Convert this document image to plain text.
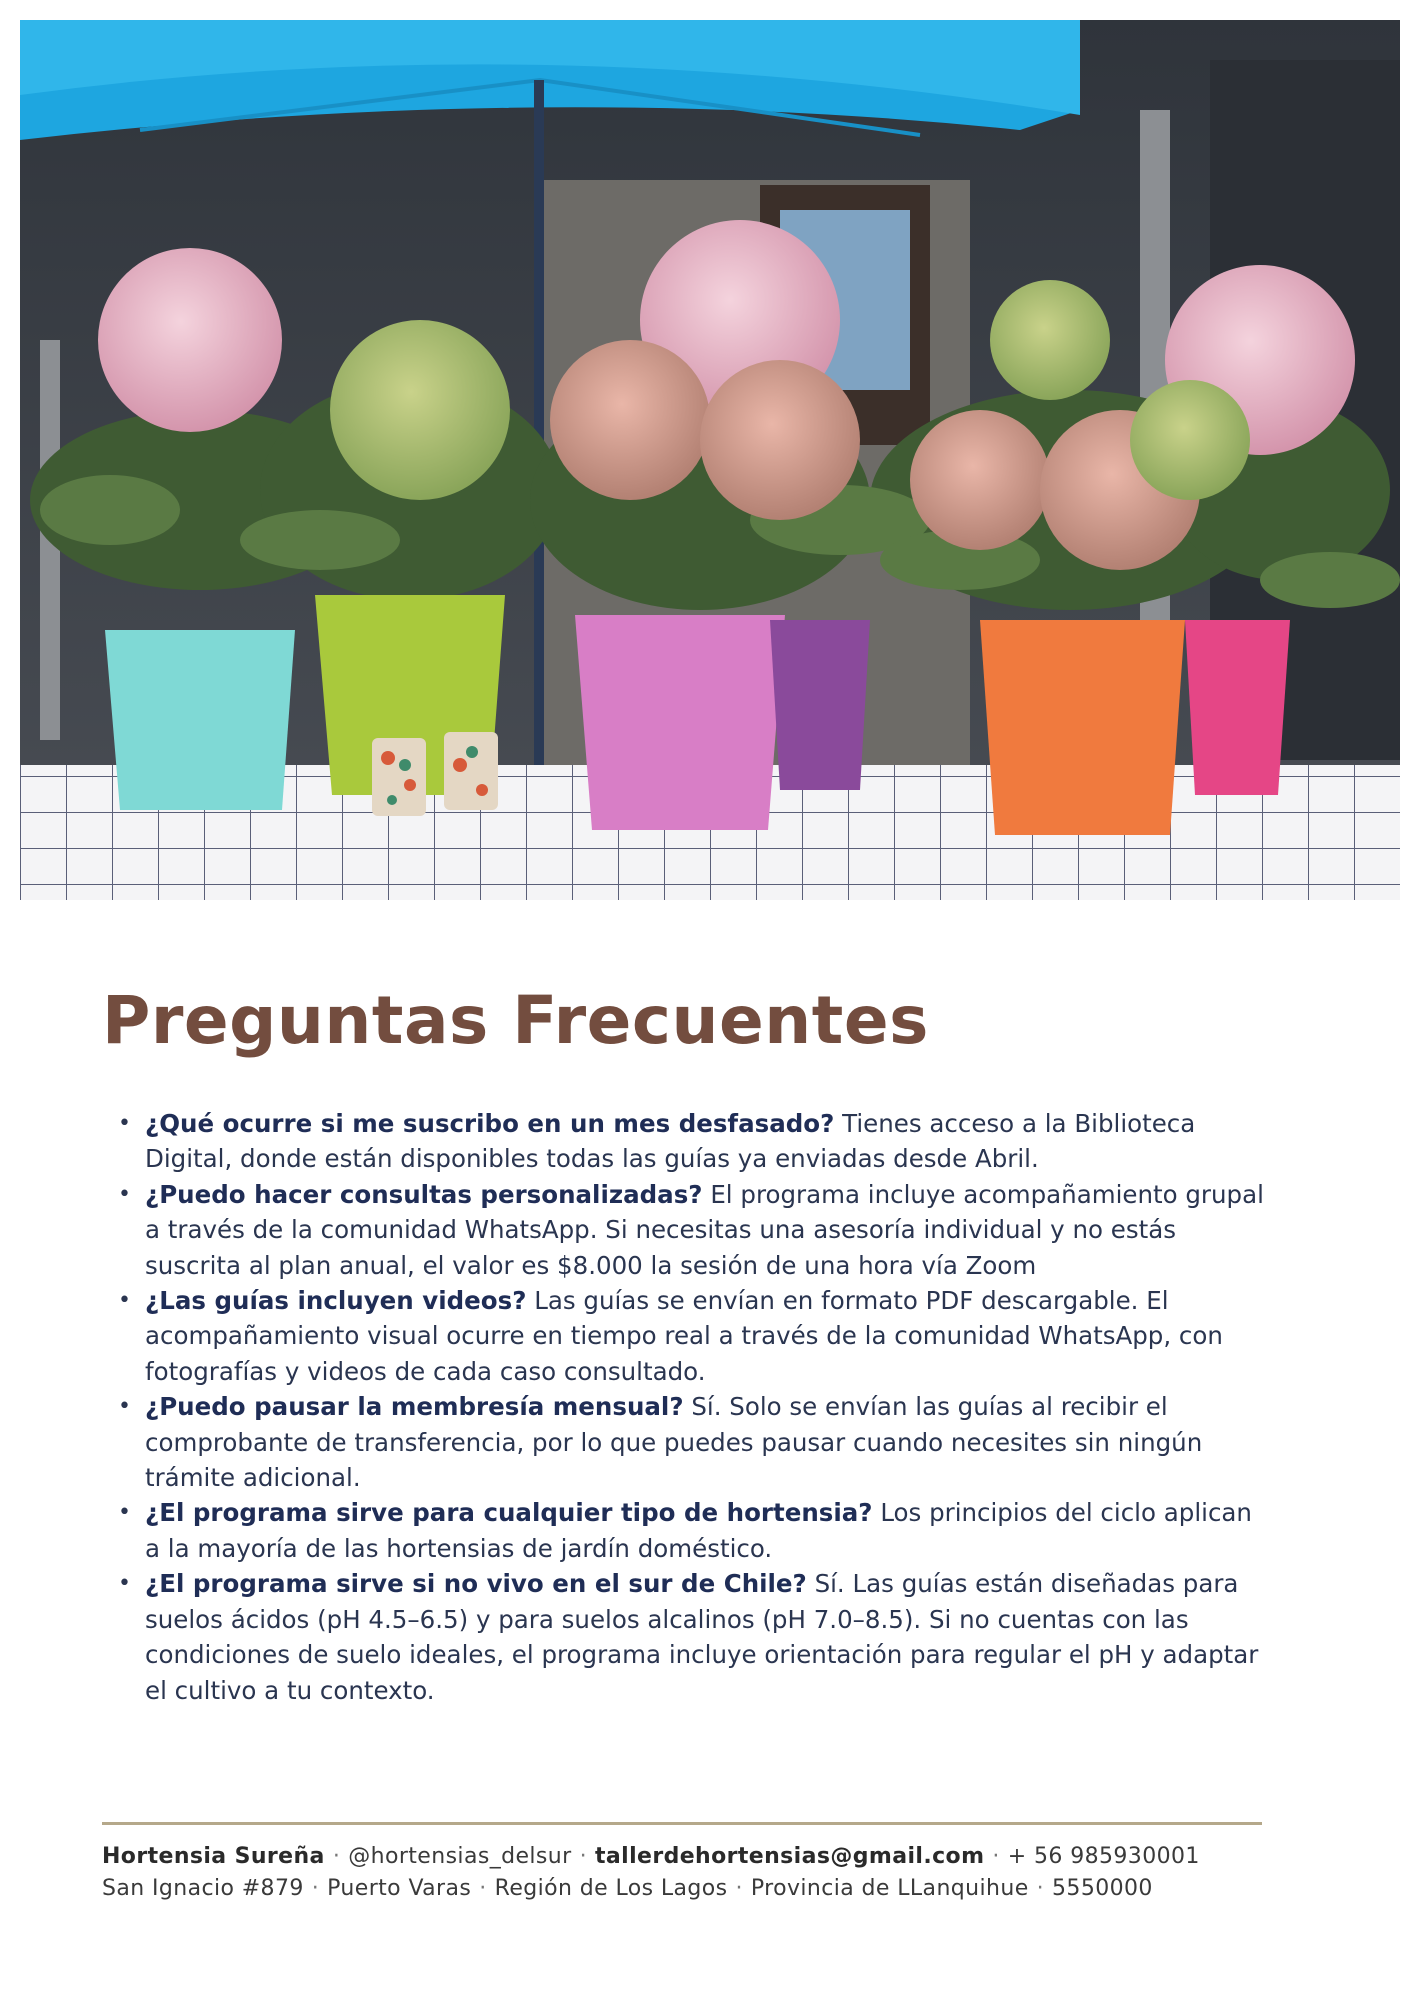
Preguntas Frecuentes
• ¿Qué ocurre si me suscribo en un mes desfasado? Tienes acceso a la Biblioteca Digital, donde están disponibles todas las guías ya enviadas desde Abril.
• ¿Puedo hacer consultas personalizadas? El programa incluye acompañamiento grupal a través de la comunidad WhatsApp. Si necesitas una asesoría individual y no estás suscrita al plan anual, el valor es $8.000 la sesión de una hora vía Zoom
• ¿Las guías incluyen videos? Las guías se envían en formato PDF descargable. El acompañamiento visual ocurre en tiempo real a través de la comunidad WhatsApp, con fotografías y videos de cada caso consultado.
• ¿Puedo pausar la membresía mensual? Sí. Solo se envían las guías al recibir el comprobante de transferencia, por lo que puedes pausar cuando necesites sin ningún trámite adicional.
• ¿El programa sirve para cualquier tipo de hortensia? Los principios del ciclo aplican a la mayoría de las hortensias de jardín doméstico.
• ¿El programa sirve si no vivo en el sur de Chile? Sí. Las guías están diseñadas para suelos ácidos (pH 4.5–6.5) y para suelos alcalinos (pH 7.0–8.5). Si no cuentas con las condiciones de suelo ideales, el programa incluye orientación para regular el pH y adaptar el cultivo a tu contexto.
Hortensia Sureña · @hortensias_delsur · tallerdehortensias@gmail.com · + 56 985930001
San Ignacio #879 · Puerto Varas · Región de Los Lagos · Provincia de LLanquihue · 5550000
